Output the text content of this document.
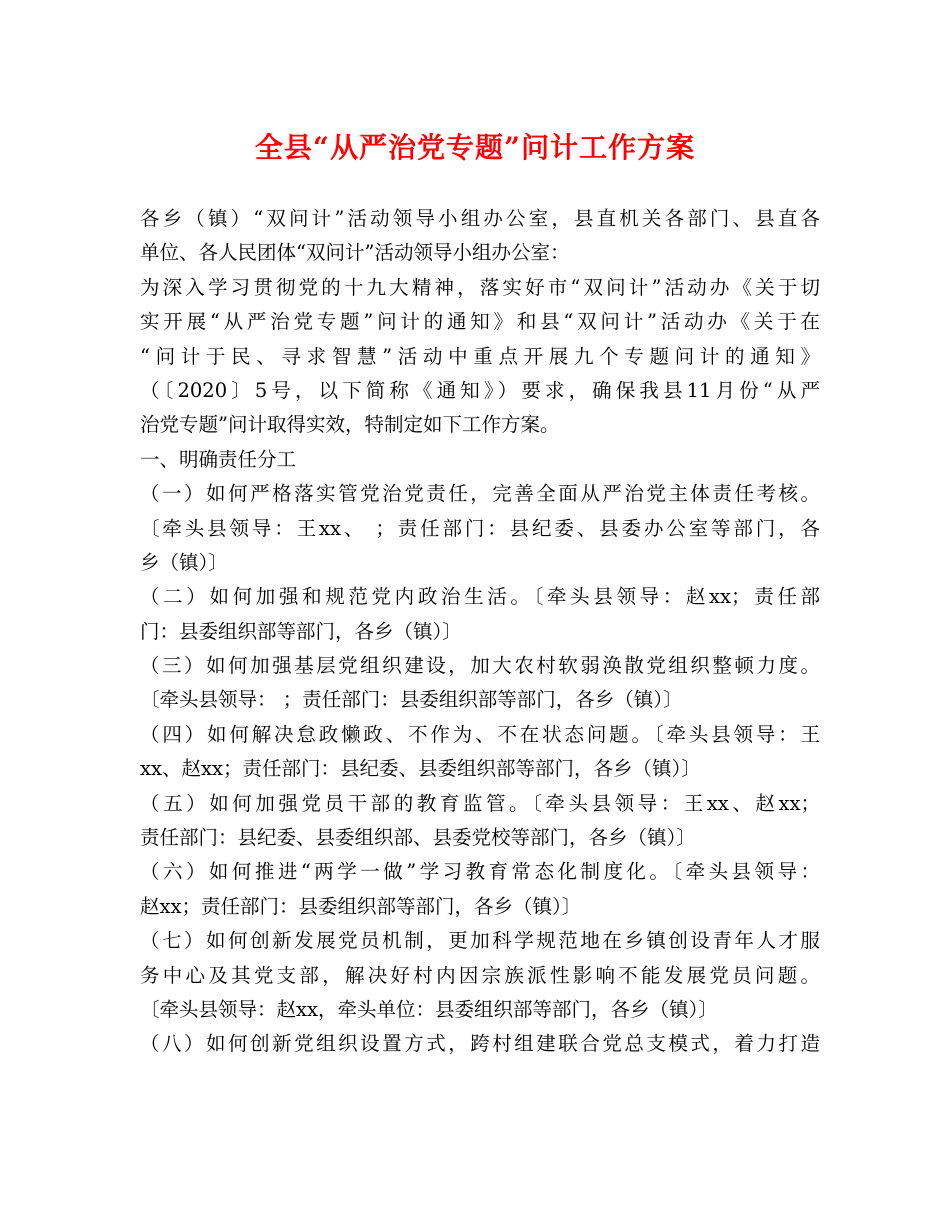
全县“从严治党专题”问计工作方案
各乡（镇）“双问计”活动领导小组办公室，县直机关各部门、县直各
单位、各人民团体“双问计”活动领导小组办公室：
为深入学习贯彻党的十九大精神，落实好市“双问计”活动办《关于切
实开展“从严治党专题”问计的通知》和县“双问计”活动办《关于在
“问计于民、寻求智慧”活动中重点开展九个专题问计的通知》
（〔2020〕5号，以下简称《通知》）要求，确保我县11月份“从严
治党专题”问计取得实效，特制定如下工作方案。
一、明确责任分工
（一）如何严格落实管党治党责任，完善全面从严治党主体责任考核。
〔牵头县领导：王xx、 ；责任部门：县纪委、县委办公室等部门，各
乡（镇）〕
（二）如何加强和规范党内政治生活。〔牵头县领导：赵xx；责任部
门：县委组织部等部门，各乡（镇）〕
（三）如何加强基层党组织建设，加大农村软弱涣散党组织整顿力度。
〔牵头县领导： ；责任部门：县委组织部等部门，各乡（镇）〕
（四）如何解决怠政懒政、不作为、不在状态问题。〔牵头县领导：王
xx、赵xx；责任部门：县纪委、县委组织部等部门，各乡（镇）〕
（五）如何加强党员干部的教育监管。〔牵头县领导：王xx、赵xx；
责任部门：县纪委、县委组织部、县委党校等部门，各乡（镇）〕
（六）如何推进“两学一做”学习教育常态化制度化。〔牵头县领导：
赵xx；责任部门：县委组织部等部门，各乡（镇）〕
（七）如何创新发展党员机制，更加科学规范地在乡镇创设青年人才服
务中心及其党支部，解决好村内因宗族派性影响不能发展党员问题。
〔牵头县领导：赵xx，牵头单位：县委组织部等部门，各乡（镇）〕
（八）如何创新党组织设置方式，跨村组建联合党总支模式，着力打造
